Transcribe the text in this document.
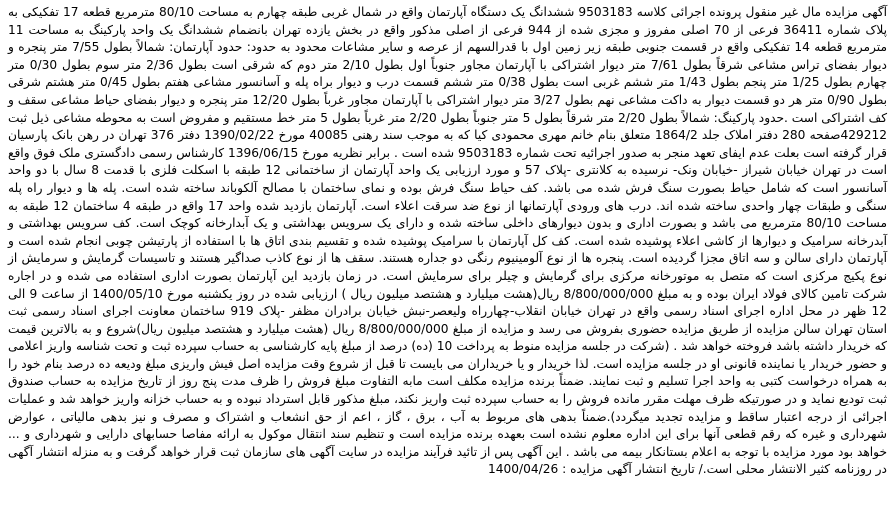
آگهی مزایده مال غیر منقول پرونده اجرائی کلاسه 9503183 ششدانگ یک دستگاه آپارتمان واقع در شمال غربی طبقه چهارم به مساحت 80/10 مترمربع قطعه 17 تفکیکی به پلاک شماره 36411 فرعی از 70 اصلی مفروز و مجزی شده از 944 فرعی از اصلی مذکور واقع در بخش یازده تهران بانضمام ششدانگ یک واحد پارکینگ به مساحت 11 مترمربع قطعه 14 تفکیکی واقع در قسمت جنوبی طبقه زیر زمین اول با قدرالسهم از عرصه و سایر مشاعات محدود به حدود: حدود آپارتمان: شمالاً بطول 7/55 متر پنجره و دیوار بفضای تراس مشاعی شرقاً بطول 7/61 متر دیوار اشتراکی با آپارتمان مجاور جنوباً اول بطول 2/10 متر دوم که شرقی است بطول 2/36 متر سوم بطول 0/30 متر چهارم بطول 1/25 متر پنجم بطول 1/43 متر ششم غربی است بطول 0/38 متر ششم قسمت درب و دیوار براه پله و آسانسور مشاعی هفتم بطول 0/45 متر هشتم شرقی بطول 0/90 متر هر دو قسمت دیوار به داکت مشاعی نهم بطول 3/27 متر دیوار اشتراکی با آپارتمان مجاور غرباً بطول 12/20 متر پنجره و دیوار بفضای حیاط مشاعی سقف و کف اشتراکی است .حدود پارکینگ: شمالاً بطول 2/20 متر شرقاً بطول 5 متر جنوباً بطول 2/20 متر غرباً بطول 5 متر خط مستقیم و مفروض است به محوطه مشاعی ذیل ثبت 429212صفحه 280 دفتر املاک جلد 1864/2 متعلق بنام خانم مهری محمودی کیا که به موجب سند رهنی 40085 مورخ 1390/02/22 دفتر 376 تهران در رهن بانک پارسیان قرار گرفته است بعلت عدم ایفای تعهد منجر به صدور اجرائیه تحت شماره 9503183 شده است . برابر نظریه مورخ 1396/06/15 کارشناس رسمی دادگستری ملک فوق واقع است در تهران خیابان شیراز -خیابان ونک- نرسیده به کلانتری -پلاک 57 و مورد ارزیابی یک واحد آپارتمان از ساختمانی 12 طبقه با اسکلت فلزی با قدمت 8 سال با دو واحد آسانسور است که شامل حیاط بصورت سنگ فرش شده می باشد. کف حیاط سنگ فرش بوده و نمای ساختمان با مصالح آلکوباند ساخته شده است. پله ها و دیوار راه پله سنگی و طبقات چهار واحدی ساخته شده اند. درب های ورودی آپارتمانها از نوع ضد سرقت اعلاء است. آپارتمان بازدید شده واحد 17 واقع در طبقه 4 ساختمان 12 طبقه به مساحت 80/10 مترمربع می باشد و بصورت اداری و بدون دیوارهای داخلی ساخته شده و دارای یک سرویس بهداشتی و یک آبدارخانه کوچک است. کف سرویس بهداشتی و آبدرخانه سرامیک و دیوارها از کاشی اعلاء پوشیده شده است. کف کل آپارتمان با سرامیک پوشیده شده و تقسیم بندی اتاق ها با استفاده از پارتیشن چوبی انجام شده است و آپارتمان دارای سالن و سه اتاق مجزا گردیده است. پنجره ها از نوع آلومینیوم رنگی دو جداره هستند. سقف ها از نوع کاذب صداگیر هستند و تاسیسات گرمایش و سرمایش از نوع پکیج مرکزی است که متصل به موتورخانه مرکزی برای گرمایش و چیلر برای سرمایش است. در زمان بازدید این آپارتمان بصورت اداری استفاده می شده و در اجاره شرکت تامین کالای فولاد ایران بوده و به مبلغ 8/800/000/000 ریال(هشت میلیارد و هشتصد میلیون ریال ) ارزیابی شده در روز یکشنبه مورخ 1400/05/10 از ساعت 9 الی 12 ظهر در محل اداره اجرای اسناد رسمی واقع در تهران خیابان انقلاب-چهارراه ولیعصر-نبش خیابان برادران مظفر -پلاک 919 ساختمان معاونت اجرای اسناد رسمی ثبت استان تهران سالن مزایده از طریق مزایده حضوری بفروش می رسد و مزایده از مبلغ 8/800/000/000 ریال (هشت میلیارد و هشتصد میلیون ریال)شروع و به بالاترین قیمت که خریدار داشته باشد فروخته خواهد شد . (شرکت در جلسه مزایده منوط به پرداخت 10 (ده) درصد از مبلغ پایه کارشناسی به حساب سپرده ثبت و تحت شناسه واریز اعلامی و حضور خریدار یا نماینده قانونی او در جلسه مزایده است. لذا خریدار و یا خریداران می بایست تا قبل از شروع وقت مزایده اصل فیش واریزی مبلغ ودیعه ده درصد بنام خود را به همراه درخواست کتبی به واحد اجرا تسلیم و ثبت نمایند. ضمناً برنده مزایده مکلف است مابه التفاوت مبلغ فروش را ظرف مدت پنج روز از تاریخ مزایده به حساب صندوق ثبت تودیع نماید و در صورتیکه ظرف مهلت مقرر مانده فروش را به حساب سپرده ثبت واریز نکند، مبلغ مذکور قابل استرداد نبوده و به حساب خزانه واریز خواهد شد و عملیات اجرائی از درجه اعتبار ساقط و مزایده تجدید میگردد).ضمناً بدهی های مربوط به آب ، برق ، گاز ، اعم از حق انشعاب و اشتراک و مصرف و نیز بدهی مالیاتی ، عوارض شهرداری و غیره که رقم قطعی آنها برای این اداره معلوم نشده است بعهده برنده مزایده است و تنظیم سند انتقال موکول به ارائه مفاصا حسابهای دارایی و شهرداری و ... خواهد بود مورد مزایده با توجه به اعلام بستانکار بیمه می باشد . این آگهی پس از تائید فرآیند مزایده در سایت آگهی های سازمان ثبت قرار خواهد گرفت و به منزله انتشار آگهی در روزنامه کثیر الانتشار محلی است./ تاریخ انتشار آگهی مزایده : 1400/04/26
